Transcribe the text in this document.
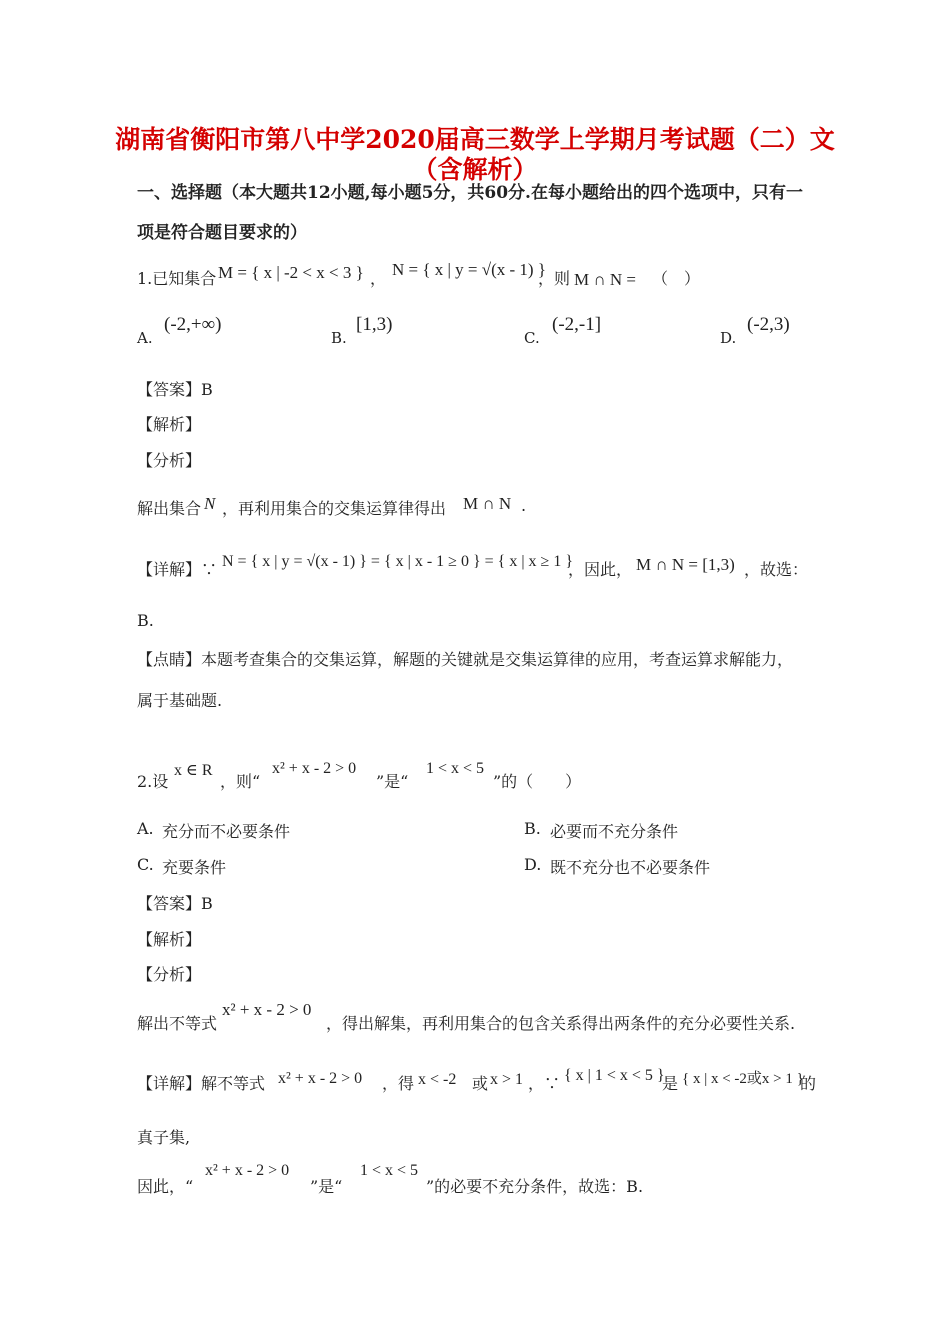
湖南省衡阳市第八中学2020届高三数学上学期月考试题（二）文
（含解析）
一、选择题（本大题共12小题,每小题5分，共60分.在每小题给出的四个选项中，只有一
项是符合题目要求的）
1.已知集合 M = { x | -2 < x < 3 } ， N = { x | y = √(x - 1) }
，则 M ∩ N = （　）
A.
(-2,+∞)
B.
[1,3)
C.
(-2,-1]
D.
(-2,3)
【答案】B
【解析】
【分析】
解出集合 N ，再利用集合的交集运算律得出 M ∩ N .
【详解】∵ N = { x | y = √(x - 1) } = { x | x - 1 ≥ 0 } = { x | x ≥ 1 }
，因此， M ∩ N = [1,3) ，故选：
B.
【点睛】本题考查集合的交集运算，解题的关键就是交集运算律的应用，考查运算求解能力，
属于基础题.
2.设
x ∈ R
，则“
x² + x - 2 > 0
”是“
1 < x < 5
”的（　　）
A. 充分而不必要条件	B. 必要而不充分条件
C. 充要条件	D. 既不充分也不必要条件
【答案】B
【解析】
【分析】
解出不等式
x² + x - 2 > 0
，得出解集，再利用集合的包含关系得出两条件的充分必要性关系.
【详解】解不等式 x² + x - 2 > 0 ，得 x < -2 或 x > 1 ，∵ { x | 1 < x < 5 }
是 { x | x < -2或x > 1 }
的
真子集,
因此，“
x² + x - 2 > 0
”是“
1 < x < 5
”的必要不充分条件，故选：B.
